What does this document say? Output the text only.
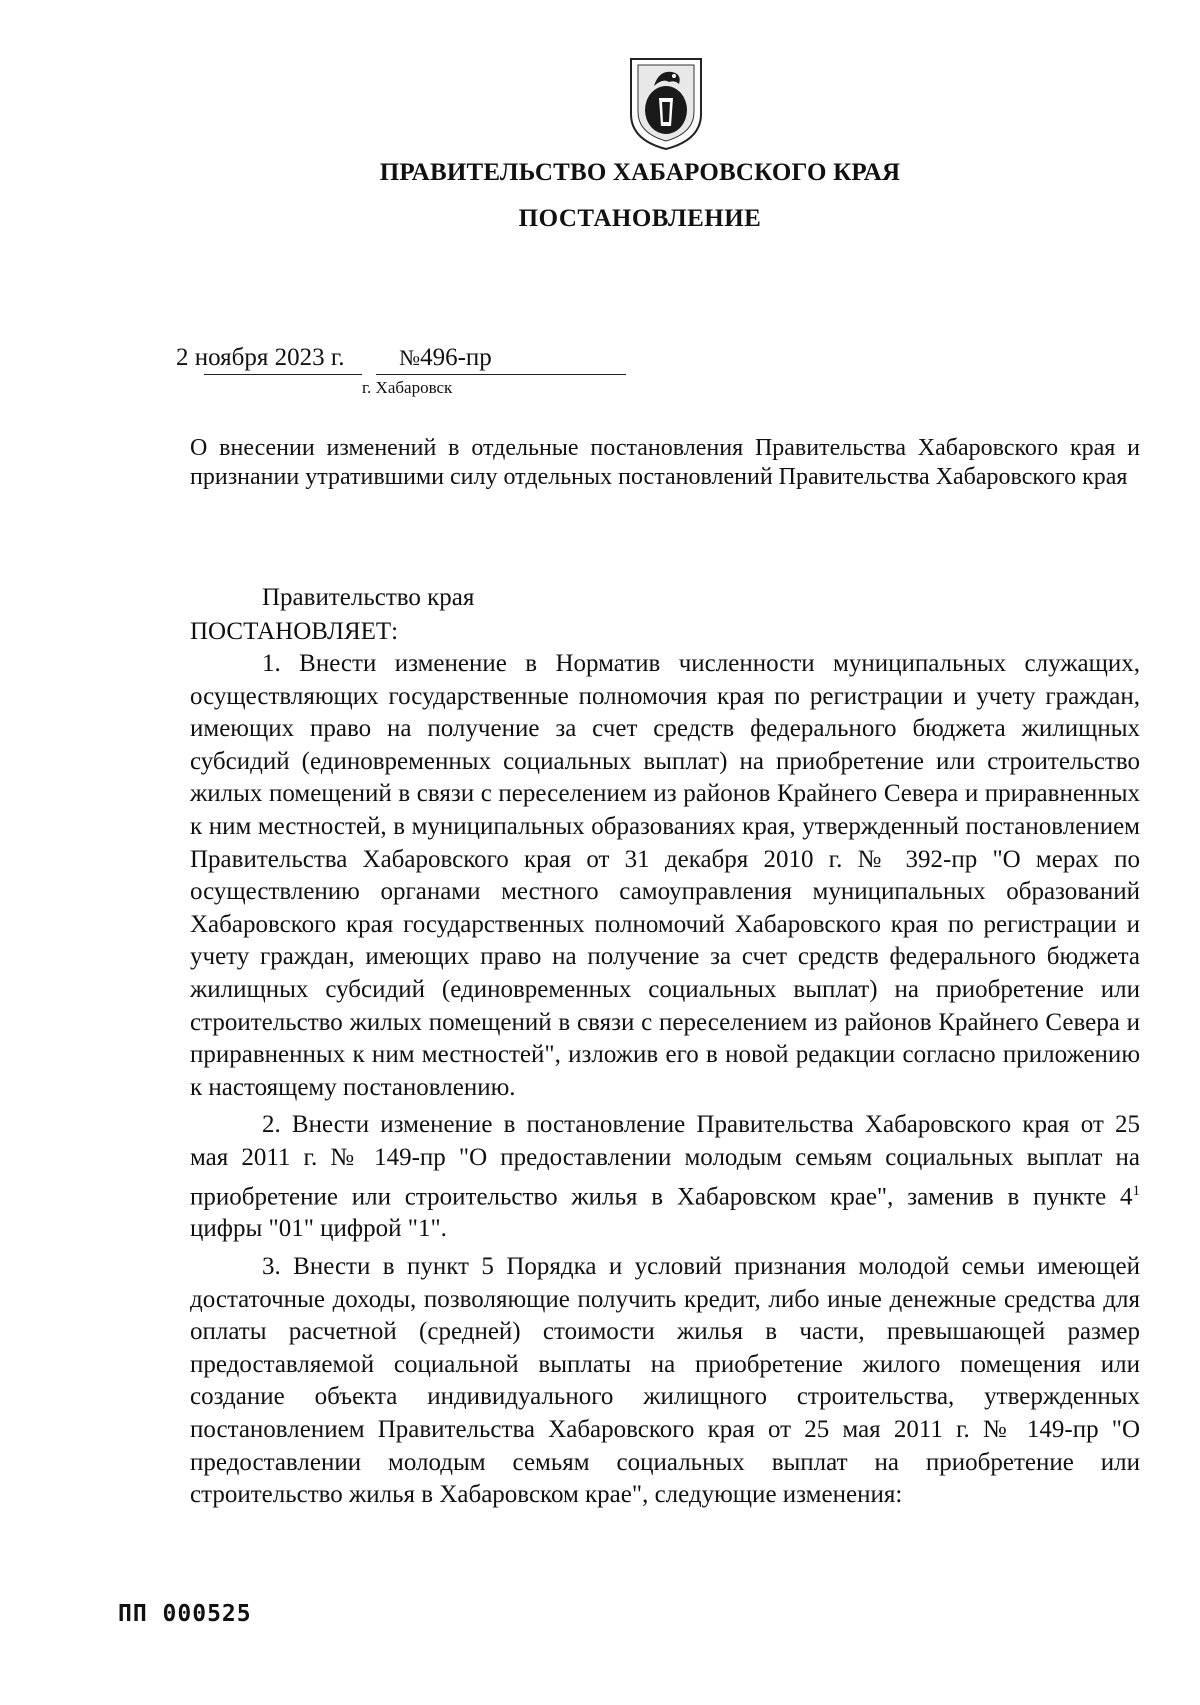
ПРАВИТЕЛЬСТВО ХАБАРОВСКОГО КРАЯ
ПОСТАНОВЛЕНИЕ
2 ноября 2023 г. №496-пр
г. Хабаровск
О внесении изменений в отдельные постановления Правительства Хабаровского края и признании утратившими силу отдельных постановлений Правительства Хабаровского края
Правительство края
ПОСТАНОВЛЯЕТ:

1. Внести изменение в Норматив численности муниципальных служащих, осуществляющих государственные полномочия края по регистрации и учету граждан, имеющих право на получение за счет средств федерального бюджета жилищных субсидий (единовременных социальных выплат) на приобретение или строительство жилых помещений в связи с переселением из районов Крайнего Севера и приравненных к ним местностей, в муниципальных образованиях края, утвержденный постановлением Правительства Хабаровского края от 31 декабря 2010 г. № 392-пр "О мерах по осуществлению органами местного самоуправления муниципальных образований Хабаровского края государственных полномочий Хабаровского края по регистрации и учету граждан, имеющих право на получение за счет средств федерального бюджета жилищных субсидий (единовременных социальных выплат) на приобретение или строительство жилых помещений в связи с переселением из районов Крайнего Севера и приравненных к ним местностей", изложив его в новой редакции согласно приложению к настоящему постановлению.

2. Внести изменение в постановление Правительства Хабаровского края от 25 мая 2011 г. № 149-пр "О предоставлении молодым семьям социальных выплат на приобретение или строительство жилья в Хабаровском крае", заменив в пункте $4^1$ цифры "01" цифрой "1".

3. Внести в пункт 5 Порядка и условий признания молодой семьи имеющей достаточные доходы, позволяющие получить кредит, либо иные денежные средства для оплаты расчетной (средней) стоимости жилья в части, превышающей размер предоставляемой социальной выплаты на приобретение жилого помещения или создание объекта индивидуального жилищного строительства, утвержденных постановлением Правительства Хабаровского края от 25 мая 2011 г. № 149-пр "О предоставлении молодым семьям социальных выплат на приобретение или строительство жилья в Хабаровском крае", следующие изменения:

ПП 000525
